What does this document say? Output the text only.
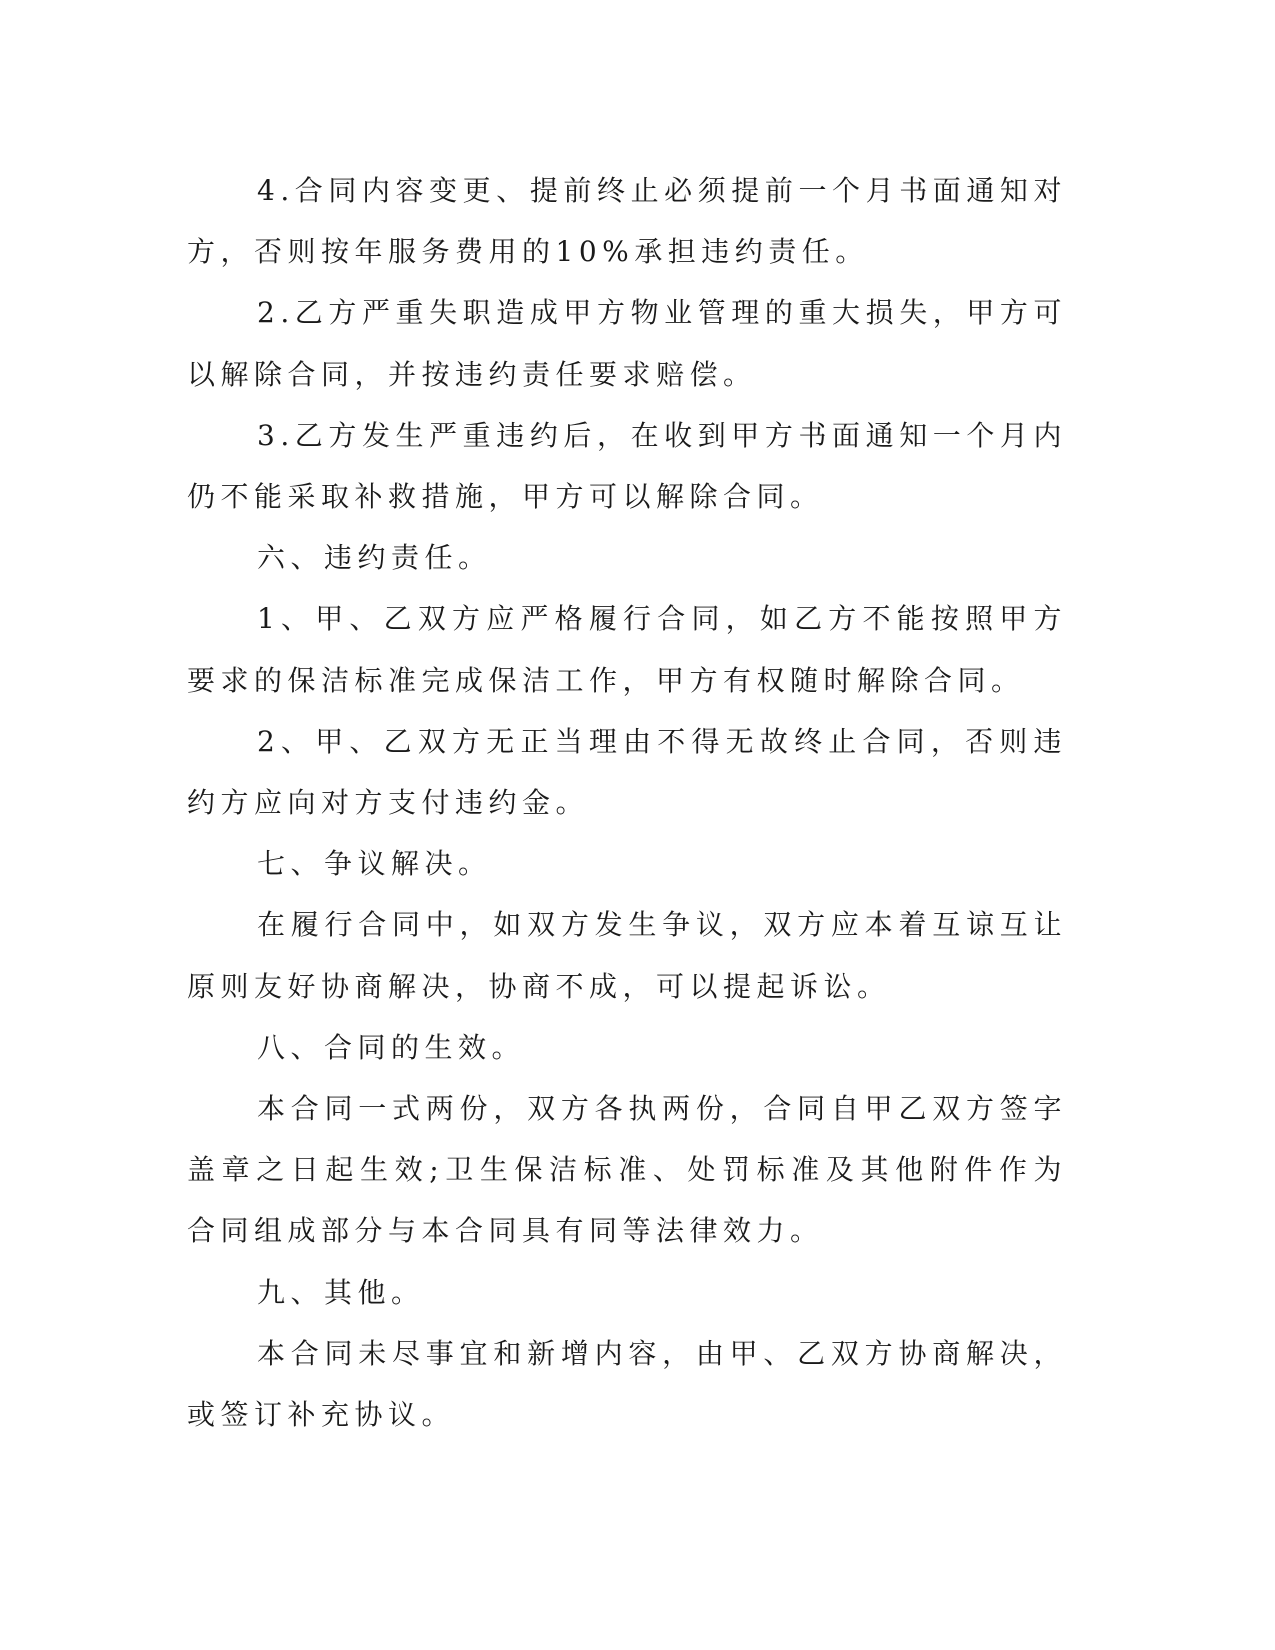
4.合同内容变更、提前终止必须提前一个月书面通知对方，否则按年服务费用的10%承担违约责任。

2.乙方严重失职造成甲方物业管理的重大损失，甲方可以解除合同，并按违约责任要求赔偿。

3.乙方发生严重违约后，在收到甲方书面通知一个月内仍不能采取补救措施，甲方可以解除合同。

六、违约责任。

1、甲、乙双方应严格履行合同，如乙方不能按照甲方要求的保洁标准完成保洁工作，甲方有权随时解除合同。

2、甲、乙双方无正当理由不得无故终止合同，否则违约方应向对方支付违约金。

七、争议解决。

在履行合同中，如双方发生争议，双方应本着互谅互让原则友好协商解决，协商不成，可以提起诉讼。

八、合同的生效。

本合同一式两份，双方各执两份，合同自甲乙双方签字盖章之日起生效;卫生保洁标准、处罚标准及其他附件作为合同组成部分与本合同具有同等法律效力。

九、其他。

本合同未尽事宜和新增内容，由甲、乙双方协商解决，或签订补充协议。
